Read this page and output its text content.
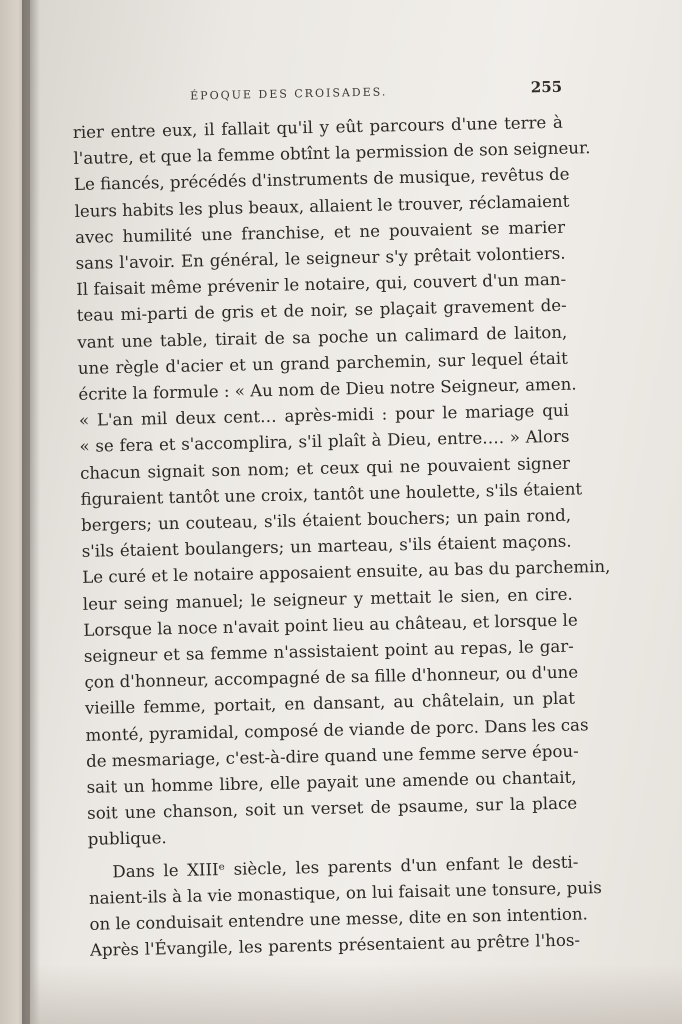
ÉPOQUE DES CROISADES.	255
rier entre eux, il fallait qu'il y eût parcours d'une terre à
l'autre, et que la femme obtînt la permission de son seigneur.
Le fiancés, précédés d'instruments de musique, revêtus de
leurs habits les plus beaux, allaient le trouver, réclamaient
avec humilité une franchise, et ne pouvaient se marier
sans l'avoir. En général, le seigneur s'y prêtait volontiers.
Il faisait même prévenir le notaire, qui, couvert d'un man-
teau mi-parti de gris et de noir, se plaçait gravement de-
vant une table, tirait de sa poche un calimard de laiton,
une règle d'acier et un grand parchemin, sur lequel était
écrite la formule : « Au nom de Dieu notre Seigneur, amen.
« L'an mil deux cent… après-midi : pour le mariage qui
« se fera et s'accomplira, s'il plaît à Dieu, entre…. » Alors
chacun signait son nom; et ceux qui ne pouvaient signer
figuraient tantôt une croix, tantôt une houlette, s'ils étaient
bergers; un couteau, s'ils étaient bouchers; un pain rond,
s'ils étaient boulangers; un marteau, s'ils étaient maçons.
Le curé et le notaire apposaient ensuite, au bas du parchemin,
leur seing manuel; le seigneur y mettait le sien, en cire.
Lorsque la noce n'avait point lieu au château, et lorsque le
seigneur et sa femme n'assistaient point au repas, le gar-
çon d'honneur, accompagné de sa fille d'honneur, ou d'une
vieille femme, portait, en dansant, au châtelain, un plat
monté, pyramidal, composé de viande de porc. Dans les cas
de mesmariage, c'est-à-dire quand une femme serve épou-
sait un homme libre, elle payait une amende ou chantait,
soit une chanson, soit un verset de psaume, sur la place
publique.
Dans le XIIIᵉ siècle, les parents d'un enfant le desti-
naient-ils à la vie monastique, on lui faisait une tonsure, puis
on le conduisait entendre une messe, dite en son intention.
Après l'Évangile, les parents présentaient au prêtre l'hos-
